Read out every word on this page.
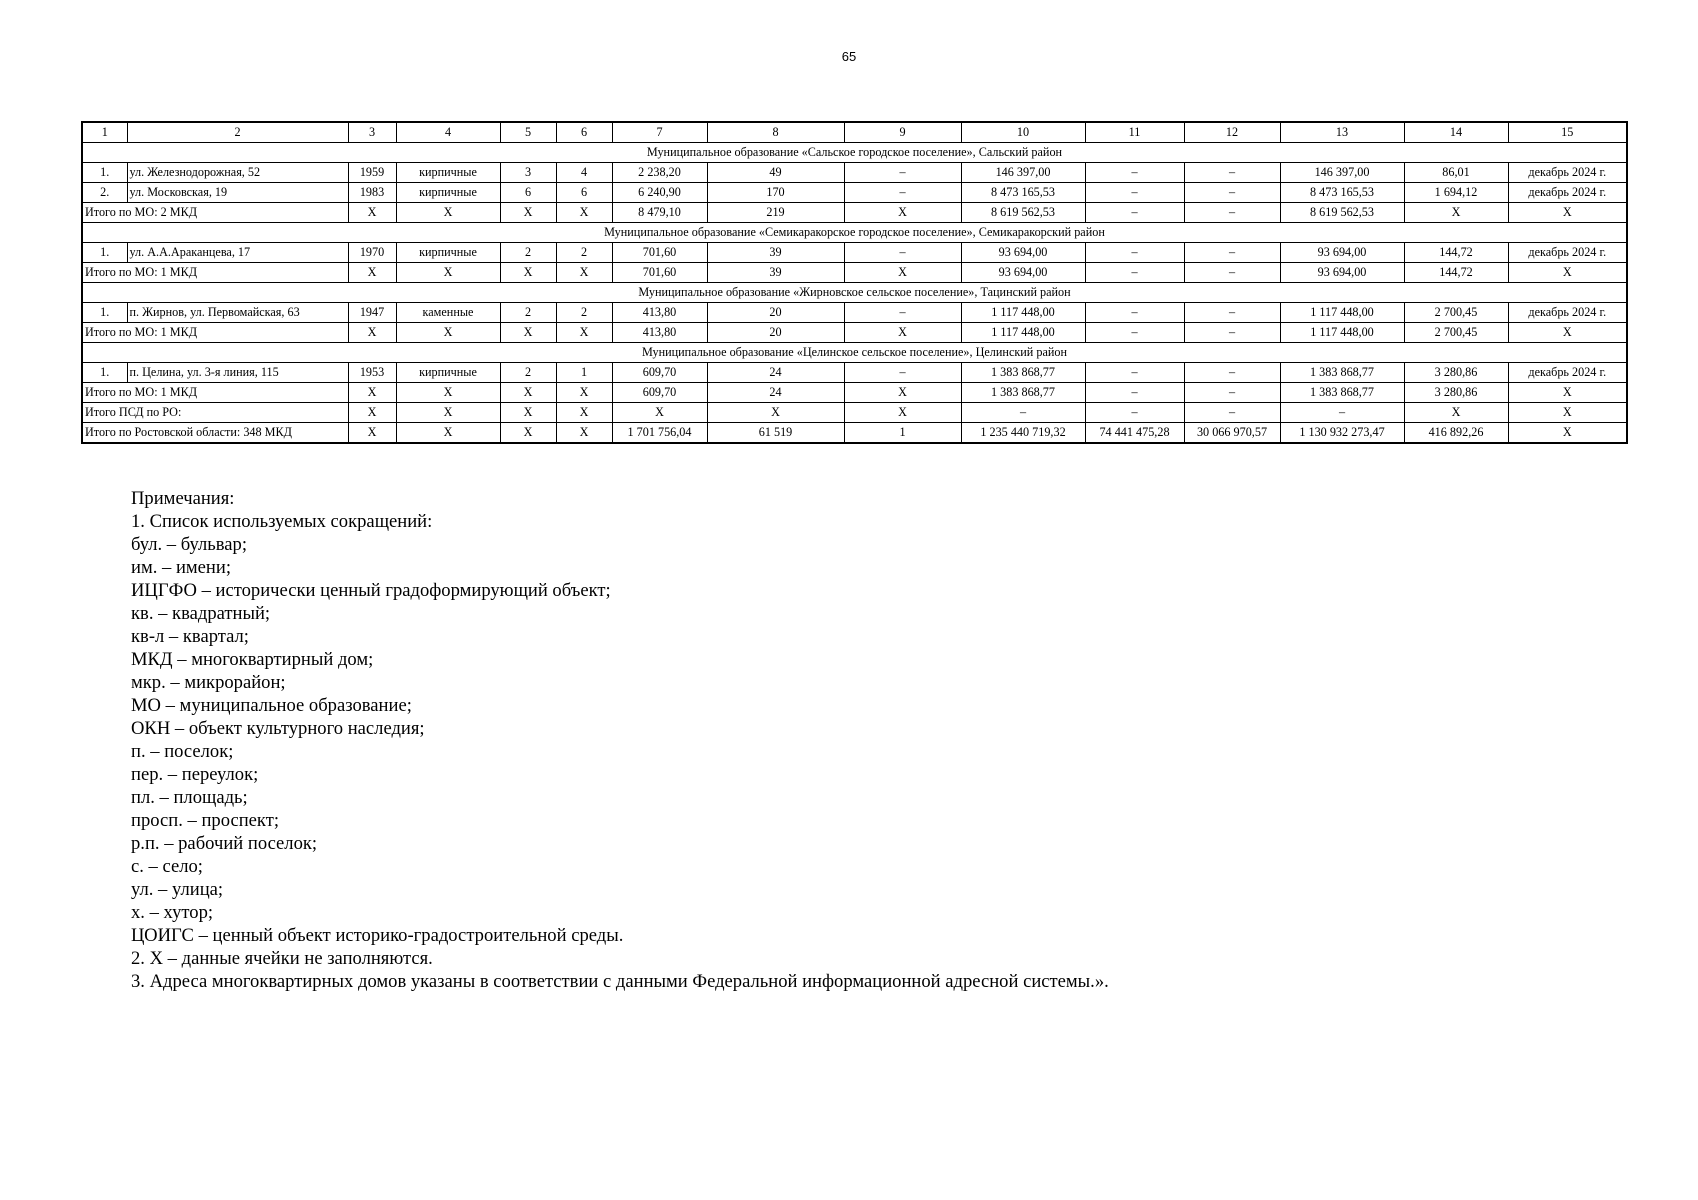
65
1	2	3	4	5	6	7	8	9	10	11	12	13	14	15
Муниципальное образование «Сальское городское поселение», Сальский район														
1.	ул. Железнодорожная, 52	1959	кирпичные	3	4	2 238,20	49	–	146 397,00	–	–	146 397,00	86,01	декабрь 2024 г.
2.	ул. Московская, 19	1983	кирпичные	6	6	6 240,90	170	–	8 473 165,53	–	–	8 473 165,53	1 694,12	декабрь 2024 г.
Итого по МО: 2 МКД		X	X	X	X	8 479,10	219	X	8 619 562,53	–	–	8 619 562,53	X	X
Муниципальное образование «Семикаракорское городское поселение», Семикаракорский район														
1.	ул. А.А.Араканцева, 17	1970	кирпичные	2	2	701,60	39	–	93 694,00	–	–	93 694,00	144,72	декабрь 2024 г.
Итого по МО: 1 МКД		X	X	X	X	701,60	39	X	93 694,00	–	–	93 694,00	144,72	X
Муниципальное образование «Жирновское сельское поселение», Тацинский район														
1.	п. Жирнов, ул. Первомайская, 63	1947	каменные	2	2	413,80	20	–	1 117 448,00	–	–	1 117 448,00	2 700,45	декабрь 2024 г.
Итого по МО: 1 МКД		X	X	X	X	413,80	20	X	1 117 448,00	–	–	1 117 448,00	2 700,45	X
Муниципальное образование «Целинское сельское поселение», Целинский район														
1.	п. Целина, ул. 3-я линия, 115	1953	кирпичные	2	1	609,70	24	–	1 383 868,77	–	–	1 383 868,77	3 280,86	декабрь 2024 г.
Итого по МО: 1 МКД		X	X	X	X	609,70	24	X	1 383 868,77	–	–	1 383 868,77	3 280,86	X
Итого ПСД по РО:		X	X	X	X	X	X	X	–	–	–	–	X	X
Итого по Ростовской области: 348 МКД		X	X	X	X	1 701 756,04	61 519	1	1 235 440 719,32	74 441 475,28	30 066 970,57	1 130 932 273,47	416 892,26	X
Примечания:
1. Список используемых сокращений:
бул. – бульвар;
им. – имени;
ИЦГФО – исторически ценный градоформирующий объект;
кв. – квадратный;
кв-л – квартал;
МКД – многоквартирный дом;
мкр. – микрорайон;
МО – муниципальное образование;
ОКН – объект культурного наследия;
п. – поселок;
пер. – переулок;
пл. – площадь;
просп. – проспект;
р.п. – рабочий поселок;
с. – село;
ул. – улица;
х. – хутор;
ЦОИГС – ценный объект историко-градостроительной среды.
2. X – данные ячейки не заполняются.
3. Адреса многоквартирных домов указаны в соответствии с данными Федеральной информационной адресной системы.».
